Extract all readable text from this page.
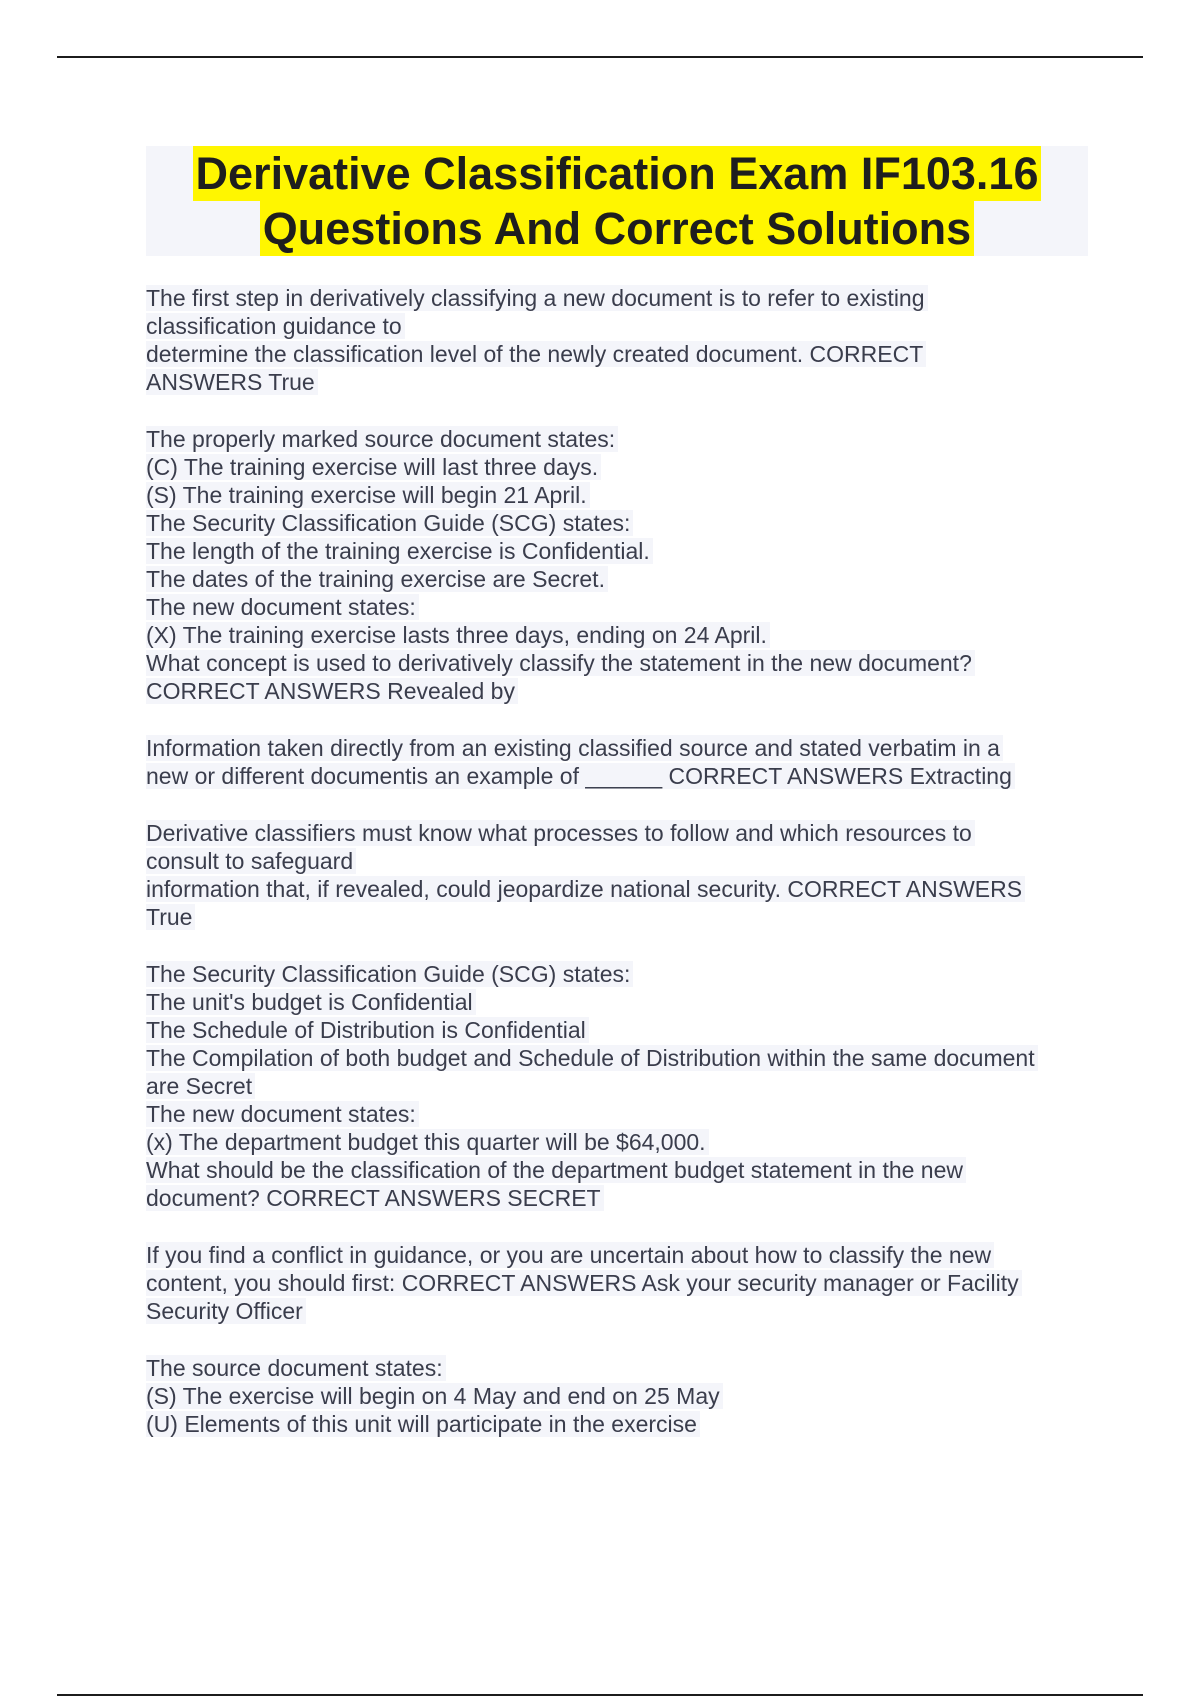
Derivative Classification Exam IF103.16
Questions And Correct Solutions
The first step in derivatively classifying a new document is to refer to existing
classification guidance to
determine the classification level of the newly created document. CORRECT
ANSWERS True
The properly marked source document states:
(C) The training exercise will last three days.
(S) The training exercise will begin 21 April.
The Security Classification Guide (SCG) states:
The length of the training exercise is Confidential.
The dates of the training exercise are Secret.
The new document states:
(X) The training exercise lasts three days, ending on 24 April.
What concept is used to derivatively classify the statement in the new document?
CORRECT ANSWERS Revealed by
Information taken directly from an existing classified source and stated verbatim in a
new or different documentis an example of ______ CORRECT ANSWERS Extracting
Derivative classifiers must know what processes to follow and which resources to
consult to safeguard
information that, if revealed, could jeopardize national security. CORRECT ANSWERS
True
The Security Classification Guide (SCG) states:
The unit's budget is Confidential
The Schedule of Distribution is Confidential
The Compilation of both budget and Schedule of Distribution within the same document
are Secret
The new document states:
(x) The department budget this quarter will be $64,000.
What should be the classification of the department budget statement in the new
document? CORRECT ANSWERS SECRET
If you find a conflict in guidance, or you are uncertain about how to classify the new
content, you should first: CORRECT ANSWERS Ask your security manager or Facility
Security Officer
The source document states:
(S) The exercise will begin on 4 May and end on 25 May
(U) Elements of this unit will participate in the exercise
